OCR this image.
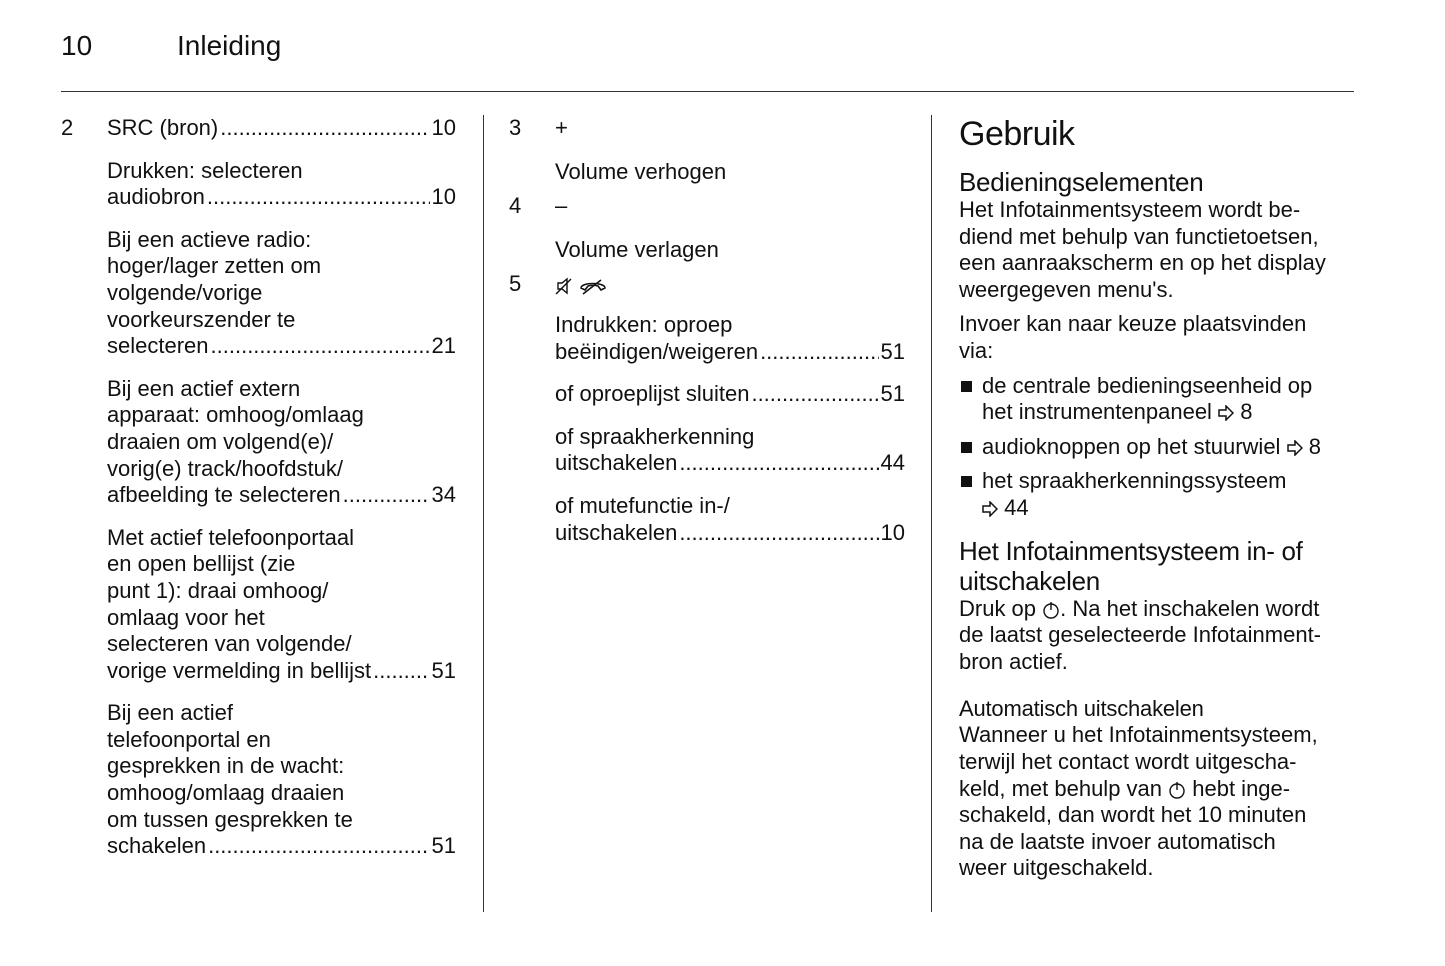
10	Inleiding
2 SRC (bron) .....	10
Drukken: selecteren
audiobron .....	10
Bij een actieve radio:
hoger/lager zetten om
volgende/vorige
voorkeurszender te
selecteren .....	21
Bij een actief extern
apparaat: omhoog/omlaag
draaien om volgend(e)/
vorig(e) track/hoofdstuk/
afbeelding te selecteren .....	34
Met actief telefoonportaal
en open bellijst (zie
punt 1): draai omhoog/
omlaag voor het
selecteren van volgende/
vorige vermelding in bellijst .....	51
Bij een actief
telefoonportal en
gesprekken in de wacht:
omhoog/omlaag draaien
om tussen gesprekken te
schakelen .....	51
3 +
Volume verhogen
4 –
Volume verlagen
5
Indrukken: oproep
beëindigen/weigeren .....	51
of oproeplijst sluiten .....	51
of spraakherkenning
uitschakelen .....	44
of mutefunctie in-/
uitschakelen .....	10
Gebruik
Bedieningselementen

Het Infotainmentsysteem wordt be-
diend met behulp van functietoetsen,
een aanraakscherm en op het display
weergegeven menu's.

Invoer kan naar keuze plaatsvinden
via:

de centrale bedieningseenheid op
het instrumentenpaneel 8
audioknoppen op het stuurwiel 8
het spraakherkenningssysteem
44
Het Infotainmentsysteem in- of
uitschakelen

Druk op . Na het inschakelen wordt
de laatst geselecteerde Infotainment-
bron actief.

Automatisch uitschakelen

Wanneer u het Infotainmentsysteem,
terwijl het contact wordt uitgescha-
keld, met behulp van  hebt inge-
schakeld, dan wordt het 10 minuten
na de laatste invoer automatisch
weer uitgeschakeld.
